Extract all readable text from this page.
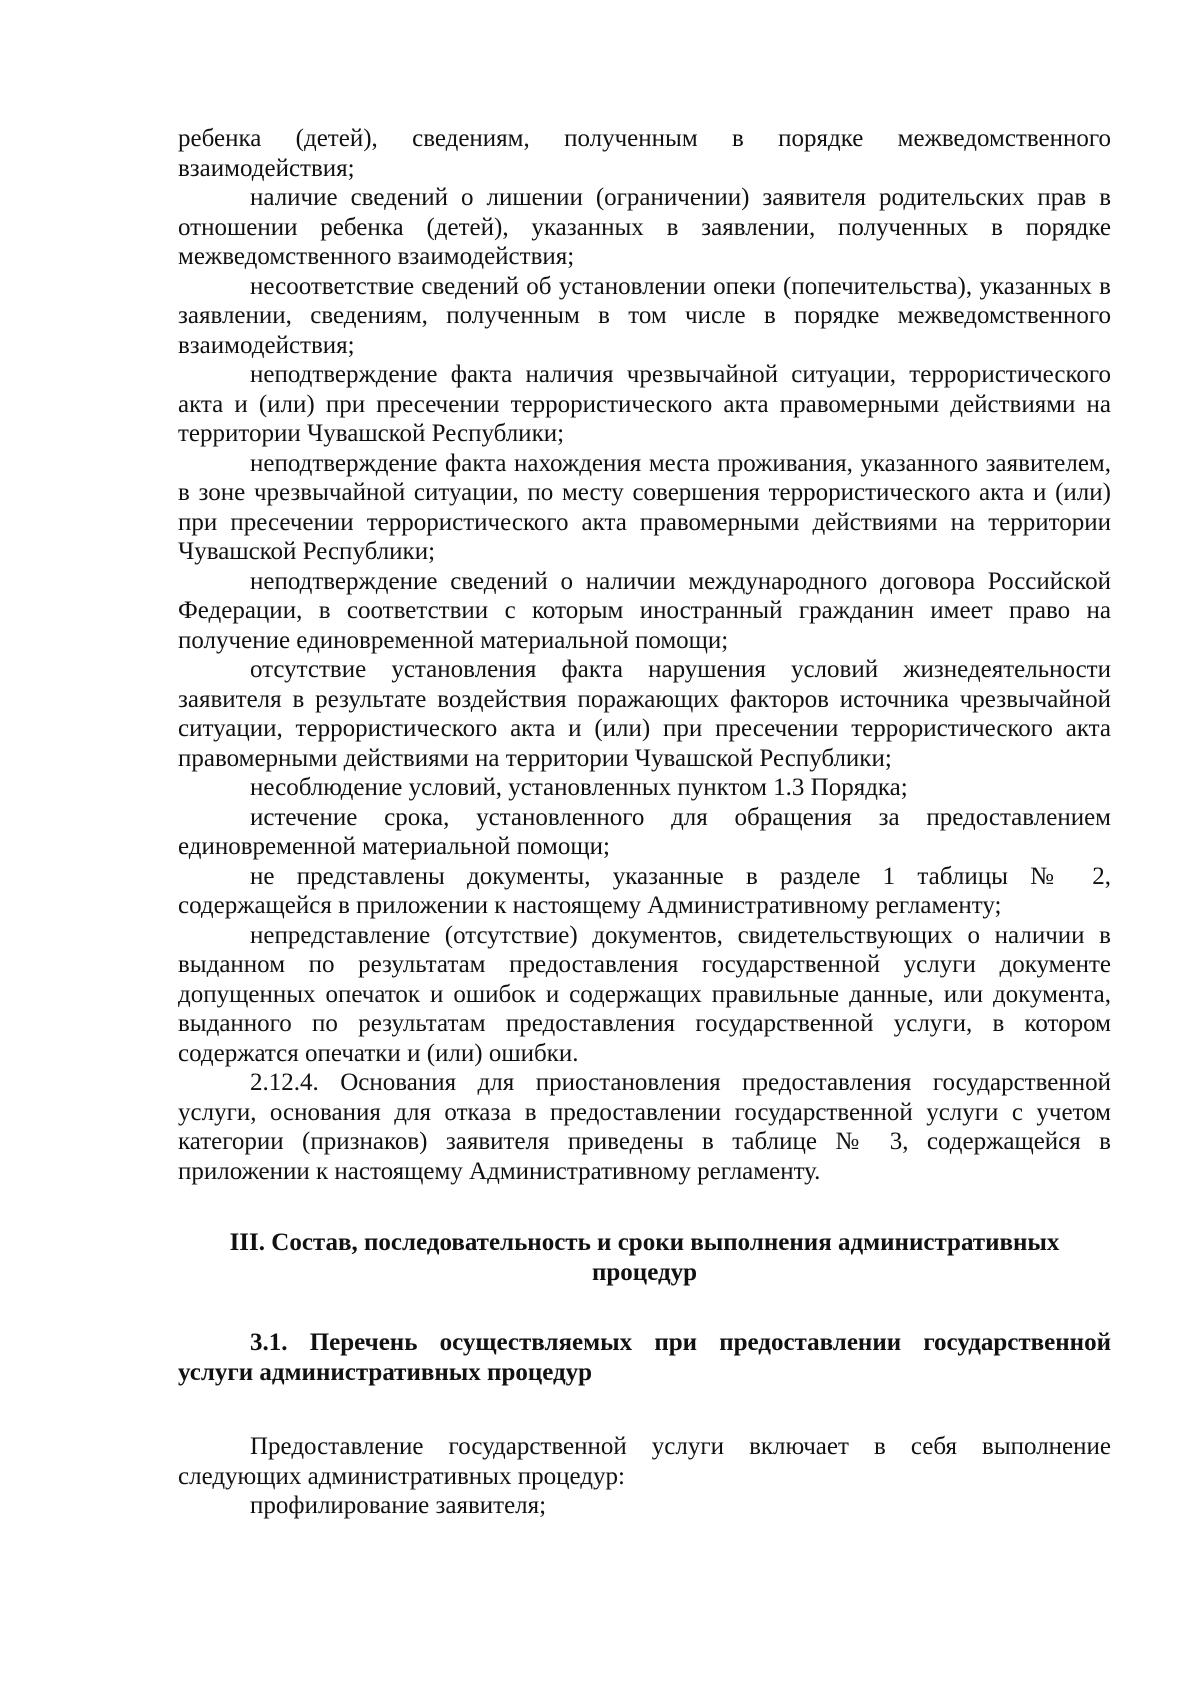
ребенка (детей), сведениям, полученным в порядке межведомственного взаимодействия;

наличие сведений о лишении (ограничении) заявителя родительских прав в отношении ребенка (детей), указанных в заявлении, полученных в порядке межведомственного взаимодействия;

несоответствие сведений об установлении опеки (попечительства), указанных в заявлении, сведениям, полученным в том числе в порядке межведомственного взаимодействия;

неподтверждение факта наличия чрезвычайной ситуации, террористического акта и (или) при пресечении террористического акта правомерными действиями на территории Чувашской Республики;

неподтверждение факта нахождения места проживания, указанного заявителем, в зоне чрезвычайной ситуации, по месту совершения террористического акта и (или) при пресечении террористического акта правомерными действиями на территории Чувашской Республики;

неподтверждение сведений о наличии международного договора Российской Федерации, в соответствии с которым иностранный гражданин имеет право на получение единовременной материальной помощи;

отсутствие установления факта нарушения условий жизнедеятельности заявителя в результате воздействия поражающих факторов источника чрезвычайной ситуации, террористического акта и (или) при пресечении террористического акта правомерными действиями на территории Чувашской Республики;

несоблюдение условий, установленных пунктом 1.3 Порядка;

истечение срока, установленного для обращения за предоставлением единовременной материальной помощи;

не представлены документы, указанные в разделе 1 таблицы № 2, содержащейся в приложении к настоящему Административному регламенту;

непредставление (отсутствие) документов, свидетельствующих о наличии в выданном по результатам предоставления государственной услуги документе допущенных опечаток и ошибок и содержащих правильные данные, или документа, выданного по результатам предоставления государственной услуги, в котором содержатся опечатки и (или) ошибки.

2.12.4. Основания для приостановления предоставления государственной услуги, основания для отказа в предоставлении государственной услуги с учетом категории (признаков) заявителя приведены в таблице № 3, содержащейся в приложении к настоящему Административному регламенту.

III. Состав, последовательность и сроки выполнения административных процедур
3.1. Перечень осуществляемых при предоставлении государственной услуги административных процедур

Предоставление государственной услуги включает в себя выполнение следующих административных процедур:

профилирование заявителя;
